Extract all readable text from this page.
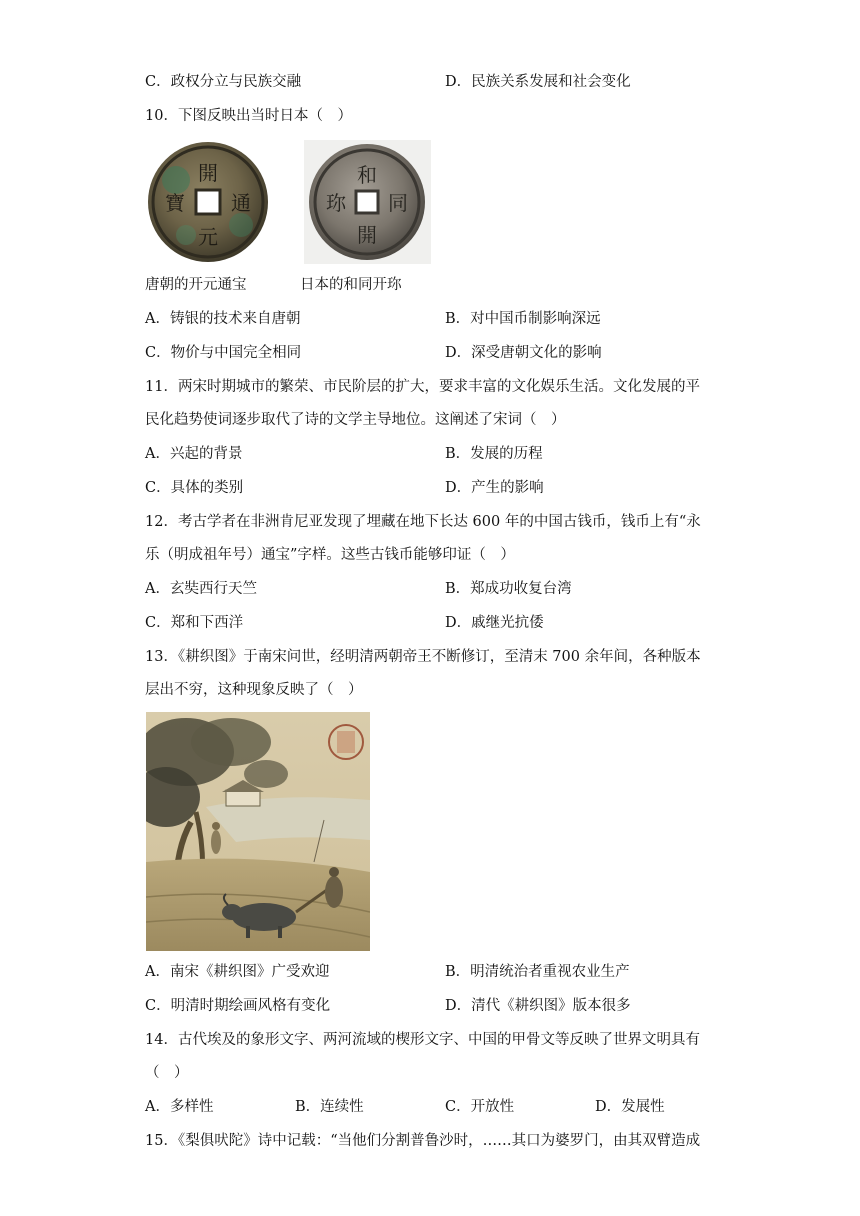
C．政权分立与民族交融	D．民族关系发展和社会变化
10．下图反映出当时日本（　）
開
元
通
寶
和
同
開
珎
唐朝的开元通宝	日本的和同开珎
A．铸银的技术来自唐朝	B．对中国币制影响深远
C．物价与中国完全相同	D．深受唐朝文化的影响
11．两宋时期城市的繁荣、市民阶层的扩大，要求丰富的文化娱乐生活。文化发展的平
民化趋势使词逐步取代了诗的文学主导地位。这阐述了宋词（　）
A．兴起的背景	B．发展的历程
C．具体的类别	D．产生的影响
12．考古学者在非洲肯尼亚发现了埋藏在地下长达 600 年的中国古钱币，钱币上有“永
乐（明成祖年号）通宝”字样。这些古钱币能够印证（　）
A．玄奘西行天竺	B．郑成功收复台湾
C．郑和下西洋	D．戚继光抗倭
13．《耕织图》于南宋问世，经明清两朝帝王不断修订，至清末 700 余年间，各种版本
层出不穷，这种现象反映了（　）
A．南宋《耕织图》广受欢迎	B．明清统治者重视农业生产
C．明清时期绘画风格有变化	D．清代《耕织图》版本很多
14．古代埃及的象形文字、两河流域的楔形文字、中国的甲骨文等反映了世界文明具有
（　）
A．多样性	B．连续性	C．开放性	D．发展性
15．《梨俱吠陀》诗中记载：“当他们分割普鲁沙时，……其口为婆罗门，由其双臂造成
